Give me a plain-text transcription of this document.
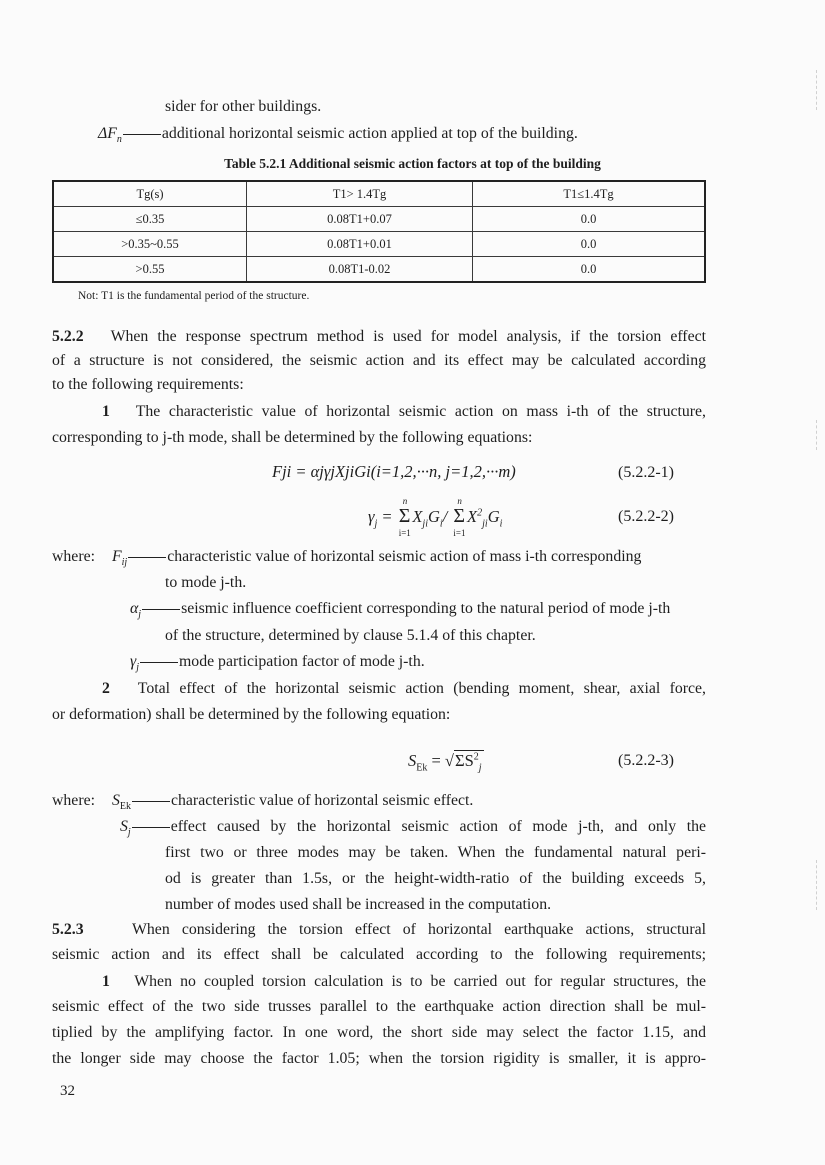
sider for other buildings.
$\Delta F_n$	additional horizontal seismic action applied at top of the building.
Table 5.2.1 Additional seismic action factors at top of the building
Tg(s)	T1> 1.4Tg	T1≤1.4Tg
≤0.35	0.08T1+0.07	0.0
>0.35~0.55	0.08T1+0.01	0.0
>0.55	0.08T1-0.02	0.0
Not: T1 is the fundamental period of the structure.
5.2.2 When the response spectrum method is used for model analysis, if the torsion effect
of a structure is not considered, the seismic action and its effect may be calculated according
to the following requirements:
1 The characteristic value of horizontal seismic action on mass i-th of the structure,
corresponding to j-th mode, shall be determined by the following equations:
Fji = αjγjXjiGi(i=1,2,···n, j=1,2,···m)	(5.2.2-1)
$\gamma_j$ =
n
Σ
i=1
$X_{ji}G_i/$
n
Σ
i=1
$X^2_{ji}G_i$	(5.2.2-2)
where: $F_{ij}$	characteristic value of horizontal seismic action of mass i-th corresponding
to mode j-th.
$\alpha_j$	seismic influence coefficient corresponding to the natural period of mode j-th
of the structure, determined by clause 5.1.4 of this chapter.
$\gamma_j$	mode participation factor of mode j-th.
2 Total effect of the horizontal seismic action (bending moment, shear, axial force,
or deformation) shall be determined by the following equation:
$S_{Ek} = √\Sigma S^2_j$	(5.2.2-3)
where: $S_{Ek}$	characteristic value of horizontal seismic effect.
$S_j$	effect caused by the horizontal seismic action of mode j-th, and only the
first two or three modes may be taken. When the fundamental natural peri-
od is greater than 1.5s, or the height-width-ratio of the building exceeds 5,
number of modes used shall be increased in the computation.
5.2.3	When considering the torsion effect of horizontal earthquake actions, structural
seismic action and its effect shall be calculated according to the following requirements;
1 When no coupled torsion calculation is to be carried out for regular structures, the
seismic effect of the two side trusses parallel to the earthquake action direction shall be mul-
tiplied by the amplifying factor. In one word, the short side may select the factor 1.15, and
the longer side may choose the factor 1.05; when the torsion rigidity is smaller, it is appro-
32
